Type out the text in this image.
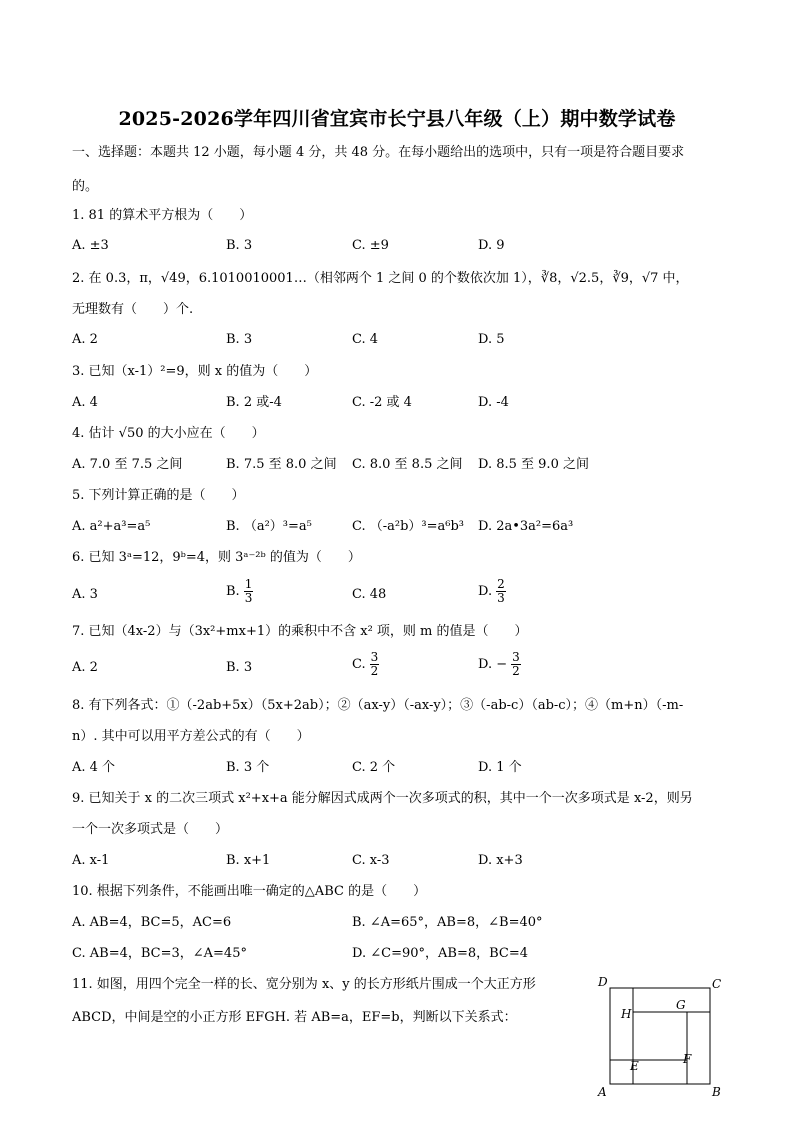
2025-2026学年四川省宜宾市长宁县八年级（上）期中数学试卷
一、选择题：本题共 12 小题，每小题 4 分，共 48 分。在每小题给出的选项中，只有一项是符合题目要求
的。
1. 81 的算术平方根为（　　）
A. ±3	B. 3	C. ±9	D. 9
2. 在 0.3，π，√49，6.1010010001…（相邻两个 1 之间 0 的个数依次加 1），∛8，√2.5，∛9，√7 中，
无理数有（　　）个.
A. 2	B. 3	C. 4	D. 5
3. 已知（x-1）²=9，则 x 的值为（　　）
A. 4	B. 2 或-4	C. -2 或 4	D. -4
4. 估计 √50 的大小应在（　　）
A. 7.0 至 7.5 之间	B. 7.5 至 8.0 之间 C. 8.0 至 8.5 之间 D. 8.5 至 9.0 之间
5. 下列计算正确的是（　　）
A. a²+a³=a⁵	B. （a²）³=a⁵	C. （-a²b）³=a⁶b³ D. 2a•3a²=6a³
6. 已知 3ᵃ=12，9ᵇ=4，则 3ᵃ⁻²ᵇ 的值为（　　）
A. 3	B. $\frac{1}{3}$	C. 48	D. $\frac{2}{3}$
7. 已知（4x-2）与（3x²+mx+1）的乘积中不含 x² 项，则 m 的值是（　　）
A. 2	B. 3	C. $\frac{3}{2}$	D. − $\frac{3}{2}$
8. 有下列各式：①（-2ab+5x）（5x+2ab）；②（ax-y）（-ax-y）；③（-ab-c）（ab-c）；④（m+n）（-m-
n）. 其中可以用平方差公式的有（　　）
A. 4 个	B. 3 个	C. 2 个	D. 1 个
9. 已知关于 x 的二次三项式 x²+x+a 能分解因式成两个一次多项式的积，其中一个一次多项式是 x-2，则另
一个一次多项式是（　　）
A. x-1	B. x+1	C. x-3	D. x+3
10. 根据下列条件，不能画出唯一确定的△ABC 的是（　　）
A. AB=4，BC=5，AC=6	B. ∠A=65°，AB=8，∠B=40°
C. AB=4，BC=3，∠A=45°	D. ∠C=90°，AB=8，BC=4
11. 如图，用四个完全一样的长、宽分别为 x、y 的长方形纸片围成一个大正方形
ABCD，中间是空的小正方形 EFGH. 若 AB=a，EF=b，判断以下关系式：
D	C
A	B
G
H
F
E
